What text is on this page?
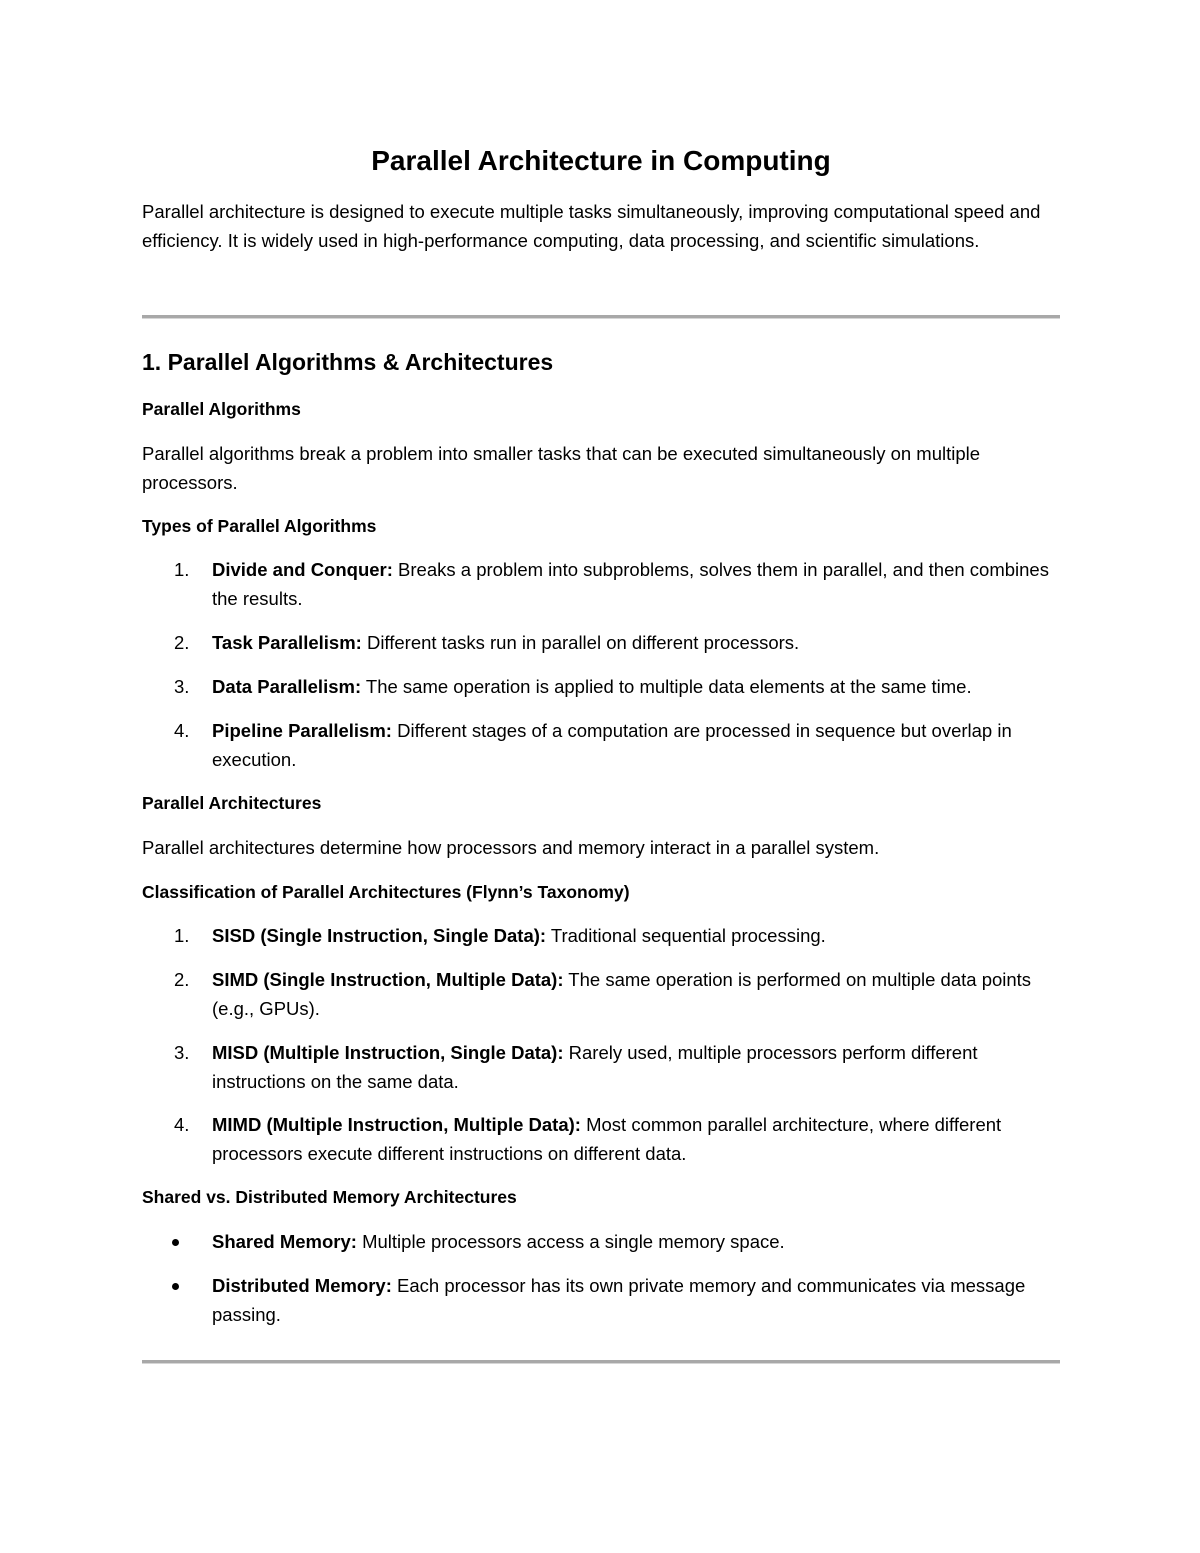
Parallel Architecture in Computing
Parallel architecture is designed to execute multiple tasks simultaneously, improving computational speed and efficiency. It is widely used in high-performance computing, data processing, and scientific simulations.
1. Parallel Algorithms & Architectures
Parallel Algorithms
Parallel algorithms break a problem into smaller tasks that can be executed simultaneously on multiple processors.
Types of Parallel Algorithms
1.	Divide and Conquer: Breaks a problem into subproblems, solves them in parallel, and then combines the results.
2.	Task Parallelism: Different tasks run in parallel on different processors.
3.	Data Parallelism: The same operation is applied to multiple data elements at the same time.
4.	Pipeline Parallelism: Different stages of a computation are processed in sequence but overlap in execution.
Parallel Architectures
Parallel architectures determine how processors and memory interact in a parallel system.
Classification of Parallel Architectures (Flynn’s Taxonomy)
1.	SISD (Single Instruction, Single Data): Traditional sequential processing.
2.	SIMD (Single Instruction, Multiple Data): The same operation is performed on multiple data points (e.g., GPUs).
3.	MISD (Multiple Instruction, Single Data): Rarely used, multiple processors perform different instructions on the same data.
4.	MIMD (Multiple Instruction, Multiple Data): Most common parallel architecture, where different processors execute different instructions on different data.
Shared vs. Distributed Memory Architectures
Shared Memory: Multiple processors access a single memory space.
Distributed Memory: Each processor has its own private memory and communicates via message passing.
